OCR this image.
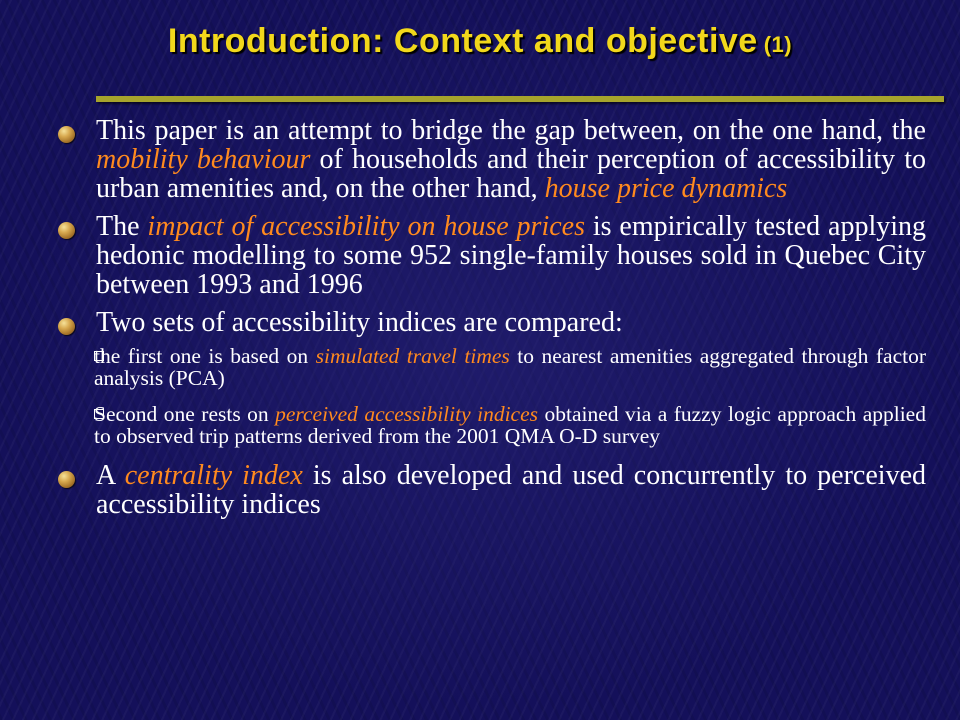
Introduction: Context and objective (1)
This paper is an attempt to bridge the gap between, on the one hand, the mobility behaviour of households and their perception of accessibility to urban amenities and, on the other hand, house price dynamics
The impact of accessibility on house prices is empirically tested applying hedonic modelling to some 952 single-family houses sold in Quebec City between 1993 and 1996
Two sets of accessibility indices are compared:
the first one is based on simulated travel times to nearest amenities aggregated through factor analysis (PCA)
Second one rests on perceived accessibility indices obtained via a fuzzy logic approach applied to observed trip patterns derived from the 2001 QMA O-D survey
A centrality index is also developed and used concurrently to perceived accessibility indices
